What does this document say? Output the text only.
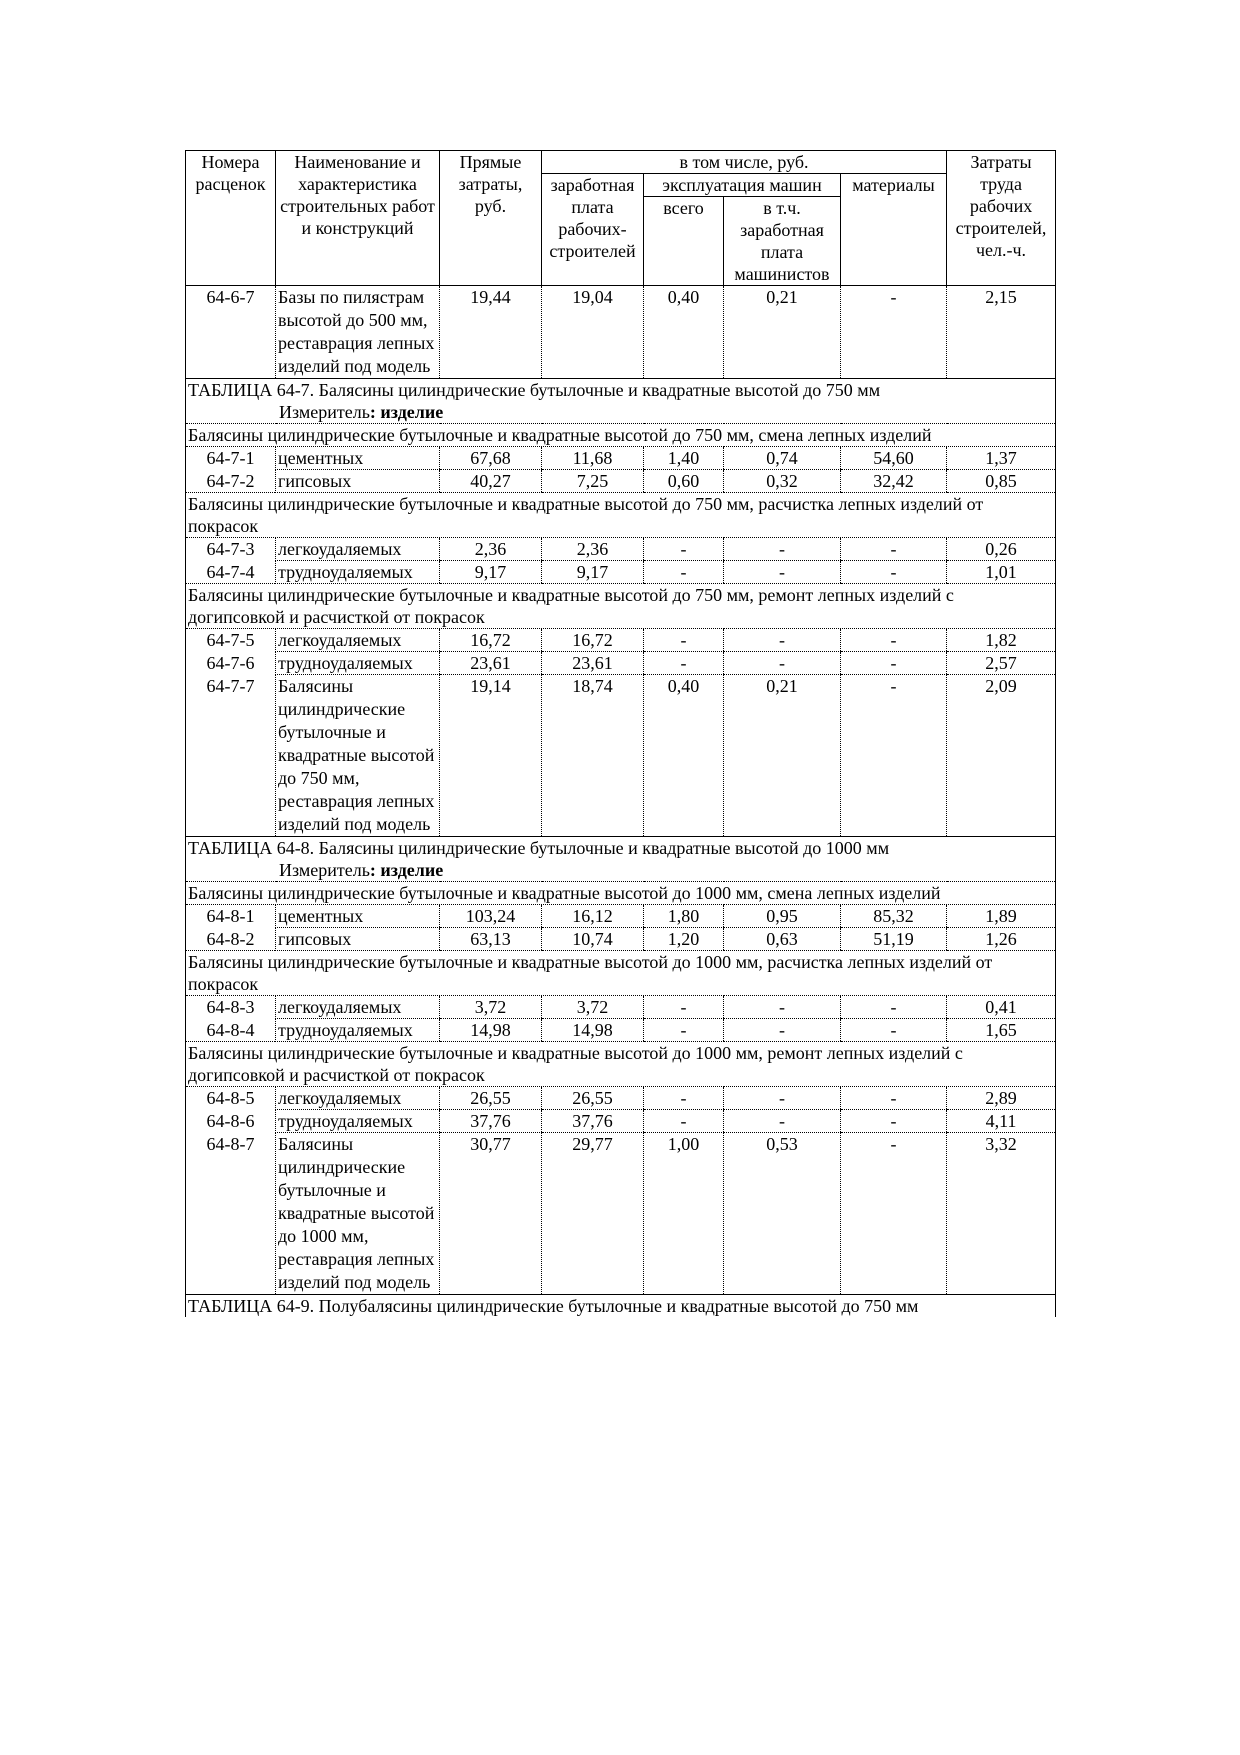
Номера расценок	Наименование и характеристика строительных работ и конструкций	Прямые затраты, руб.	в том числе, руб.				Затраты труда рабочих строителей, чел.-ч.
			заработная плата рабочих-строителей	эксплуатация машин		материалы	
				всего	в т.ч. заработная плата машинистов		
64-6-7	Базы по пилястрам высотой до 500 мм, реставрация лепных изделий под модель	19,44	19,04	0,40	0,21	-	2,15
ТАБЛИЦА 64-7. Балясины цилиндрические бутылочные и квадратные высотой до 750 мм							
Измеритель: изделие							
Балясины цилиндрические бутылочные и квадратные высотой до 750 мм, смена лепных изделий							
64-7-1	цементных	67,68	11,68	1,40	0,74	54,60	1,37
64-7-2	гипсовых	40,27	7,25	0,60	0,32	32,42	0,85
Балясины цилиндрические бутылочные и квадратные высотой до 750 мм, расчистка лепных изделий от покрасок							
64-7-3	легкоудаляемых	2,36	2,36	-	-	-	0,26
64-7-4	трудноудаляемых	9,17	9,17	-	-	-	1,01
Балясины цилиндрические бутылочные и квадратные высотой до 750 мм, ремонт лепных изделий с догипсовкой и расчисткой от покрасок							
64-7-5	легкоудаляемых	16,72	16,72	-	-	-	1,82
64-7-6	трудноудаляемых	23,61	23,61	-	-	-	2,57
64-7-7	Балясины цилиндрические бутылочные и квадратные высотой до 750 мм, реставрация лепных изделий под модель	19,14	18,74	0,40	0,21	-	2,09
ТАБЛИЦА 64-8. Балясины цилиндрические бутылочные и квадратные высотой до 1000 мм							
Измеритель: изделие							
Балясины цилиндрические бутылочные и квадратные высотой до 1000 мм, смена лепных изделий							
64-8-1	цементных	103,24	16,12	1,80	0,95	85,32	1,89
64-8-2	гипсовых	63,13	10,74	1,20	0,63	51,19	1,26
Балясины цилиндрические бутылочные и квадратные высотой до 1000 мм, расчистка лепных изделий от покрасок							
64-8-3	легкоудаляемых	3,72	3,72	-	-	-	0,41
64-8-4	трудноудаляемых	14,98	14,98	-	-	-	1,65
Балясины цилиндрические бутылочные и квадратные высотой до 1000 мм, ремонт лепных изделий с догипсовкой и расчисткой от покрасок							
64-8-5	легкоудаляемых	26,55	26,55	-	-	-	2,89
64-8-6	трудноудаляемых	37,76	37,76	-	-	-	4,11
64-8-7	Балясины цилиндрические бутылочные и квадратные высотой до 1000 мм, реставрация лепных изделий под модель	30,77	29,77	1,00	0,53	-	3,32
ТАБЛИЦА 64-9. Полубалясины цилиндрические бутылочные и квадратные высотой до 750 мм							
